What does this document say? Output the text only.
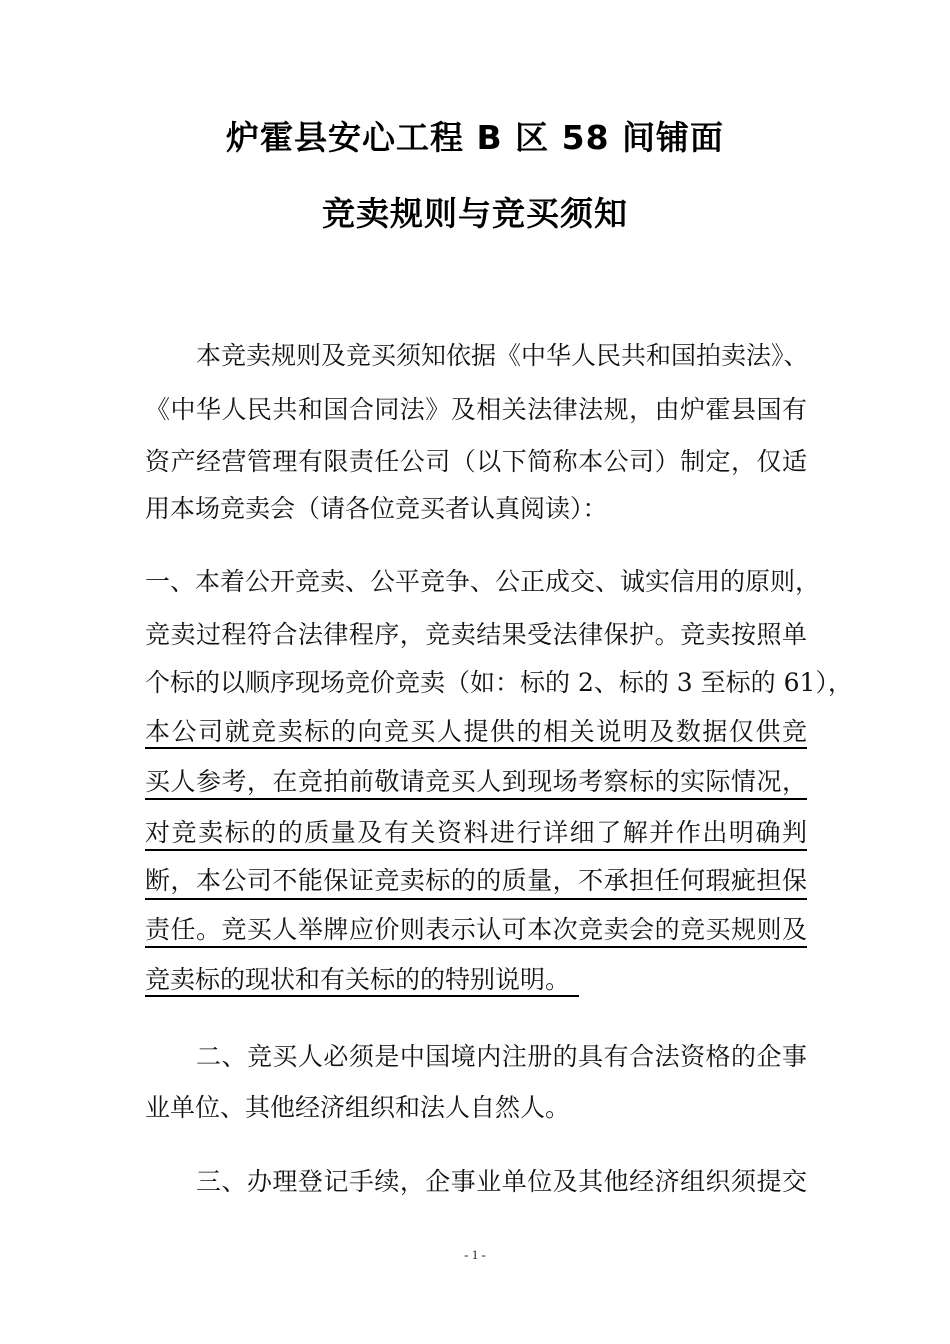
炉霍县安心工程 B 区 58 间铺面
竞卖规则与竞买须知
本竞卖规则及竞买须知依据《中华人民共和国拍卖法》、
《中华人民共和国合同法》及相关法律法规，由炉霍县国有
资产经营管理有限责任公司（以下简称本公司）制定，仅适
用本场竞卖会（请各位竞买者认真阅读）：
一、本着公开竞卖、公平竞争、公正成交、诚实信用的原则，
竞卖过程符合法律程序，竞卖结果受法律保护。竞卖按照单
个标的以顺序现场竞价竞卖（如：标的 2、标的 3 至标的 61），
本公司就竞卖标的向竞买人提供的相关说明及数据仅供竞
买人参考，在竞拍前敬请竞买人到现场考察标的实际情况，
对竞卖标的的质量及有关资料进行详细了解并作出明确判
断，本公司不能保证竞卖标的的质量，不承担任何瑕疵担保
责任。竞买人举牌应价则表示认可本次竞卖会的竞买规则及
竞卖标的现状和有关标的的特别说明。
二、竞买人必须是中国境内注册的具有合法资格的企事
业单位、其他经济组织和法人自然人。
三、办理登记手续，企事业单位及其他经济组织须提交
- 1 -
